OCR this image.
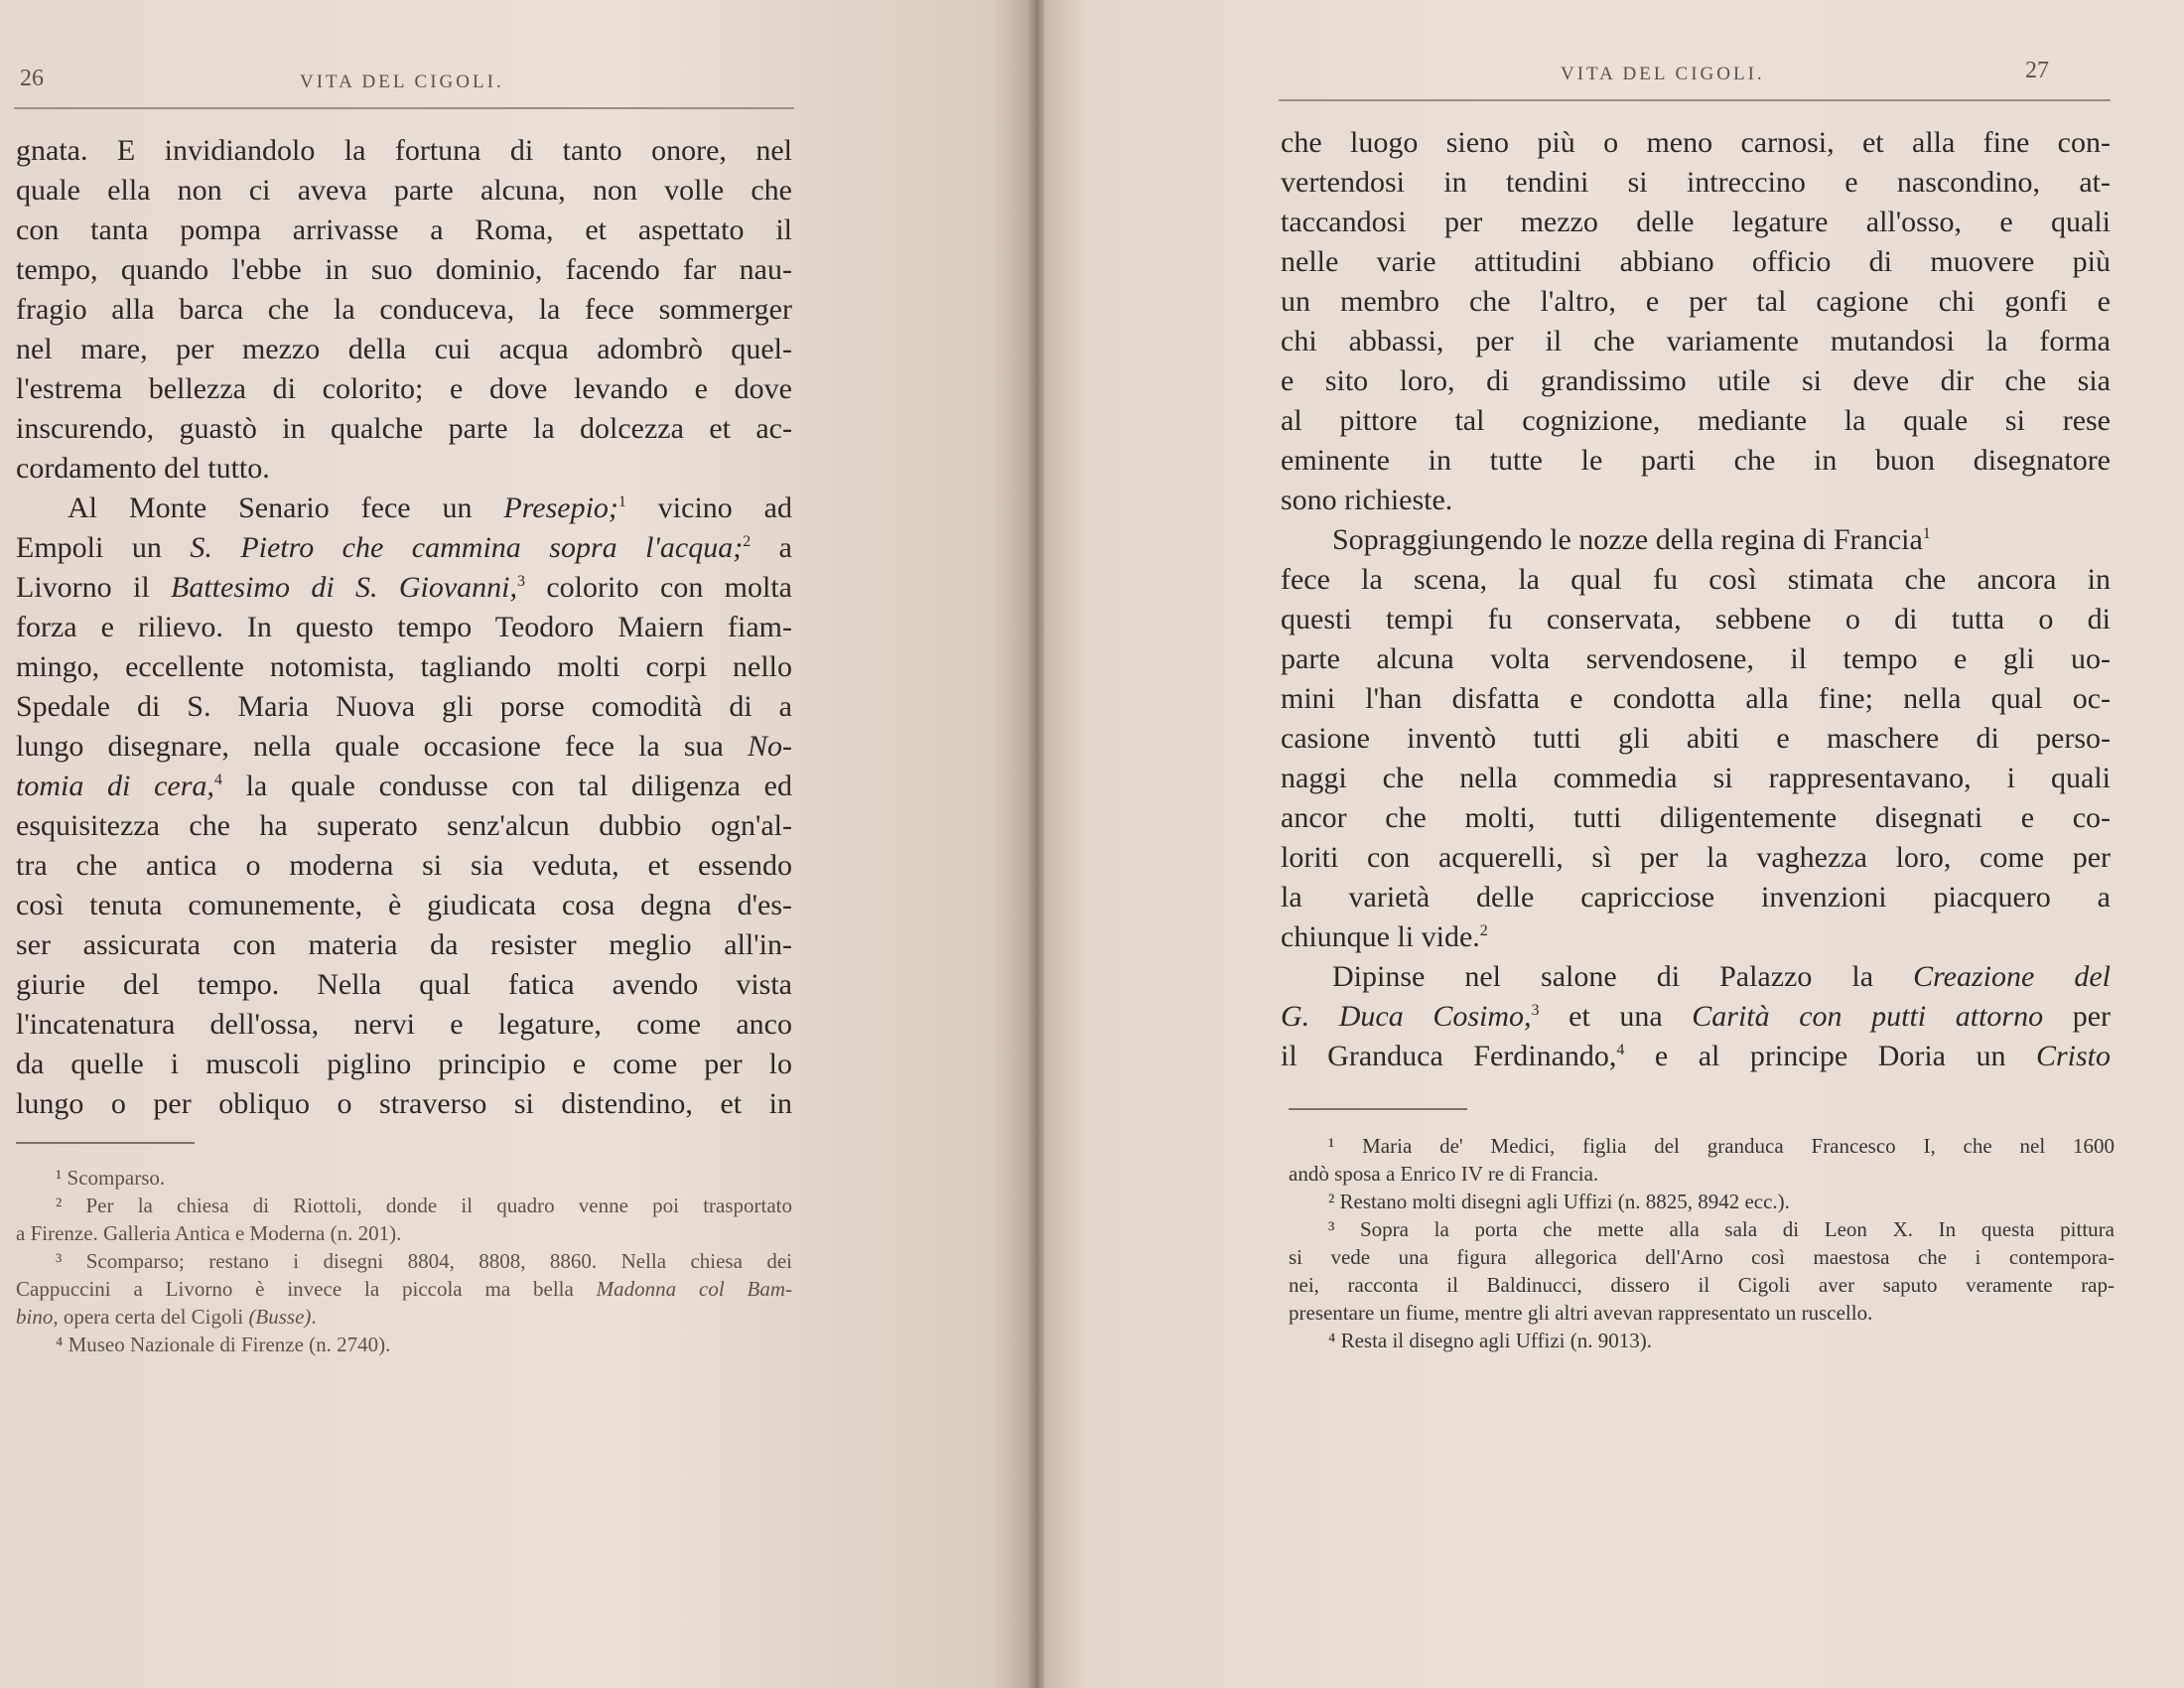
26	VITA DEL CIGOLI.
gnata. E invidiandolo la fortuna di tanto onore, nel
quale ella non ci aveva parte alcuna, non volle che
con tanta pompa arrivasse a Roma, et aspettato il
tempo, quando l'ebbe in suo dominio, facendo far nau-
fragio alla barca che la conduceva, la fece sommerger
nel mare, per mezzo della cui acqua adombrò quel-
l'estrema bellezza di colorito; e dove levando e dove
inscurendo, guastò in qualche parte la dolcezza et ac-
cordamento del tutto.
Al Monte Senario fece un Presepio;$^1$ vicino ad
Empoli un S. Pietro che cammina sopra l'acqua;$^2$ a
Livorno il Battesimo di S. Giovanni,$^3$ colorito con molta
forza e rilievo. In questo tempo Teodoro Maiern fiam-
mingo, eccellente notomista, tagliando molti corpi nello
Spedale di S. Maria Nuova gli porse comodità di a
lungo disegnare, nella quale occasione fece la sua No-
tomia di cera,$^4$ la quale condusse con tal diligenza ed
esquisitezza che ha superato senz'alcun dubbio ogn'al-
tra che antica o moderna si sia veduta, et essendo
così tenuta comunemente, è giudicata cosa degna d'es-
ser assicurata con materia da resister meglio all'in-
giurie del tempo. Nella qual fatica avendo vista
l'incatenatura dell'ossa, nervi e legature, come anco
da quelle i muscoli piglino principio e come per lo
lungo o per obliquo o straverso si distendino, et in
¹ Scomparso.
² Per la chiesa di Riottoli, donde il quadro venne poi trasportato
a Firenze. Galleria Antica e Moderna (n. 201).
³ Scomparso; restano i disegni 8804, 8808, 8860. Nella chiesa dei
Cappuccini a Livorno è invece la piccola ma bella Madonna col Bam-
bino, opera certa del Cigoli (Busse).
⁴ Museo Nazionale di Firenze (n. 2740).
VITA DEL CIGOLI.	27
che luogo sieno più o meno carnosi, et alla fine con-
vertendosi in tendini si intreccino e nascondino, at-
taccandosi per mezzo delle legature all'osso, e quali
nelle varie attitudini abbiano officio di muovere più
un membro che l'altro, e per tal cagione chi gonfi e
chi abbassi, per il che variamente mutandosi la forma
e sito loro, di grandissimo utile si deve dir che sia
al pittore tal cognizione, mediante la quale si rese
eminente in tutte le parti che in buon disegnatore
sono richieste.
Sopraggiungendo le nozze della regina di Francia$^1$
fece la scena, la qual fu così stimata che ancora in
questi tempi fu conservata, sebbene o di tutta o di
parte alcuna volta servendosene, il tempo e gli uo-
mini l'han disfatta e condotta alla fine; nella qual oc-
casione inventò tutti gli abiti e maschere di perso-
naggi che nella commedia si rappresentavano, i quali
ancor che molti, tutti diligentemente disegnati e co-
loriti con acquerelli, sì per la vaghezza loro, come per
la varietà delle capricciose invenzioni piacquero a
chiunque li vide.$^2$
Dipinse nel salone di Palazzo la Creazione del
G. Duca Cosimo,$^3$ et una Carità con putti attorno per
il Granduca Ferdinando,$^4$ e al principe Doria un Cristo
¹ Maria de' Medici, figlia del granduca Francesco I, che nel 1600
andò sposa a Enrico IV re di Francia.
² Restano molti disegni agli Uffizi (n. 8825, 8942 ecc.).
³ Sopra la porta che mette alla sala di Leon X. In questa pittura
si vede una figura allegorica dell'Arno così maestosa che i contempora-
nei, racconta il Baldinucci, dissero il Cigoli aver saputo veramente rap-
presentare un fiume, mentre gli altri avevan rappresentato un ruscello.
⁴ Resta il disegno agli Uffizi (n. 9013).
